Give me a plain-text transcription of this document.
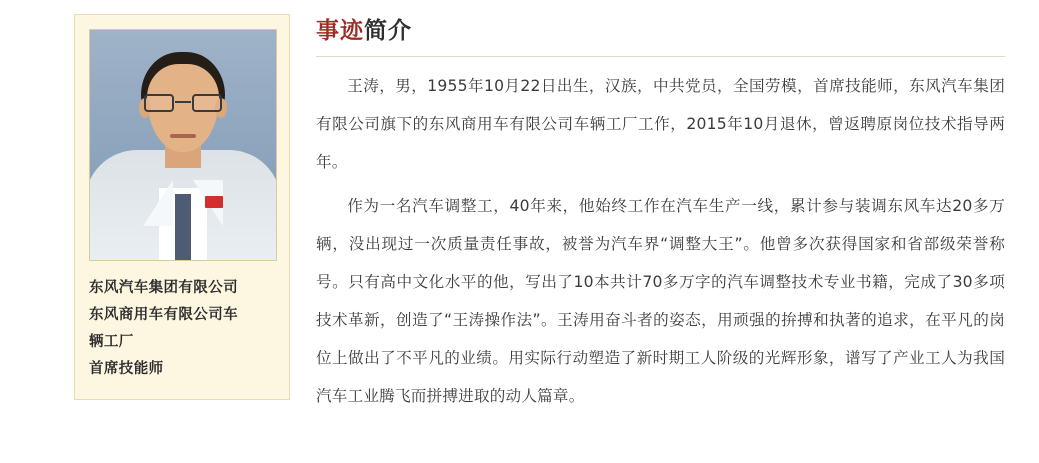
东风汽车集团有限公司
东风商用车有限公司车
辆工厂
首席技能师
事迹简介

王涛，男，1955年10月22日出生，汉族，中共党员，全国劳模，首席技能师，东风汽车集团有限公司旗下的东风商用车有限公司车辆工厂工作，2015年10月退休，曾返聘原岗位技术指导两年。

作为一名汽车调整工，40年来，他始终工作在汽车生产一线，累计参与装调东风车达20多万辆，没出现过一次质量责任事故，被誉为汽车界“调整大王”。他曾多次获得国家和省部级荣誉称号。只有高中文化水平的他，写出了10本共计70多万字的汽车调整技术专业书籍，完成了30多项技术革新，创造了“王涛操作法”。王涛用奋斗者的姿态，用顽强的拚搏和执著的追求，在平凡的岗位上做出了不平凡的业绩。用实际行动塑造了新时期工人阶级的光辉形象，谱写了产业工人为我国汽车工业腾飞而拼搏进取的动人篇章。
